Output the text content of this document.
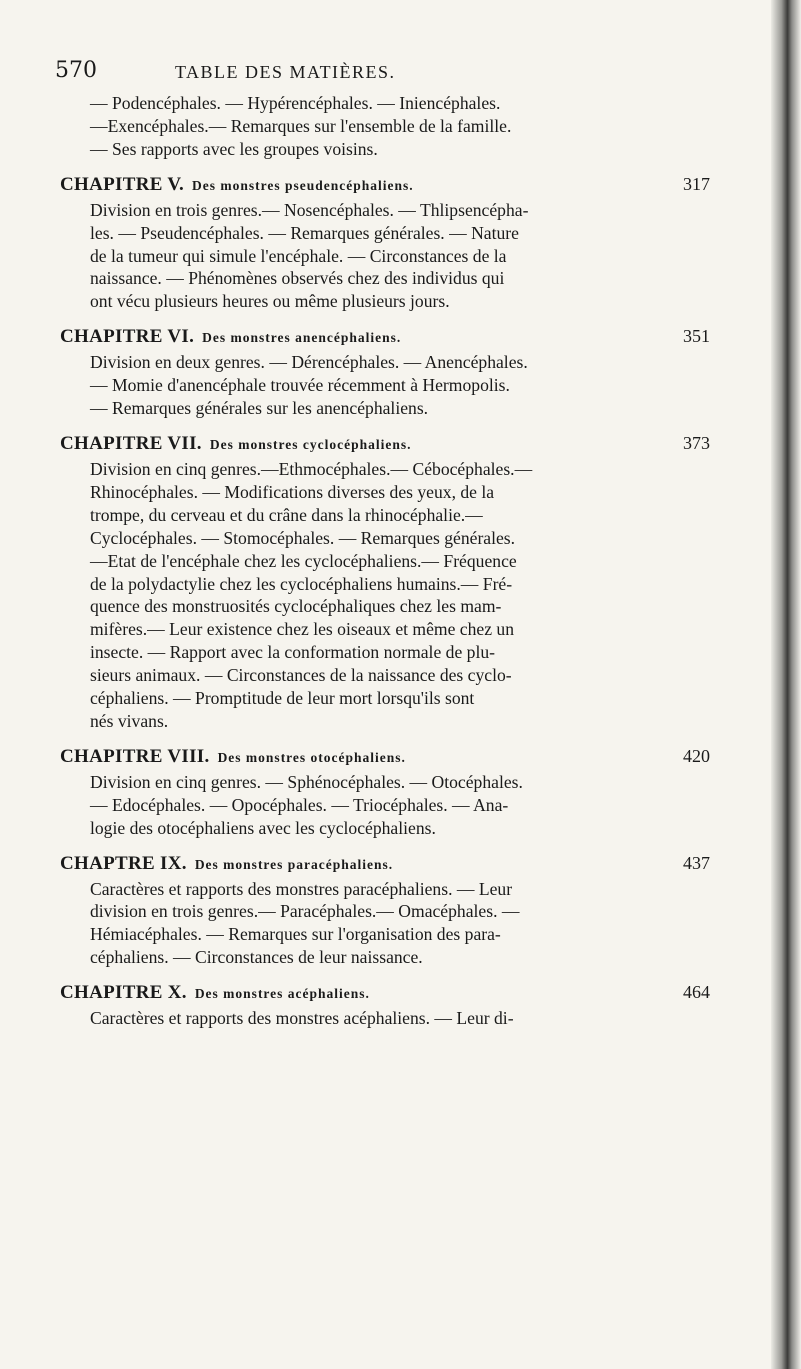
570	TABLE DES MATIÈRES.

— Podencéphales. — Hypérencéphales. — Iniencéphales.
—Exencéphales.— Remarques sur l'ensemble de la famille.
— Ses rapports avec les groupes voisins.

CHAPITRE V. Des monstres pseudencéphaliens.	317

Division en trois genres.— Nosencéphales. — Thlipsencépha-
les. — Pseudencéphales. — Remarques générales. — Nature
de la tumeur qui simule l'encéphale. — Circonstances de la
naissance. — Phénomènes observés chez des individus qui
ont vécu plusieurs heures ou même plusieurs jours.

CHAPITRE VI. Des monstres anencéphaliens.	351

Division en deux genres. — Dérencéphales. — Anencéphales.
— Momie d'anencéphale trouvée récemment à Hermopolis.
— Remarques générales sur les anencéphaliens.

CHAPITRE VII. Des monstres cyclocéphaliens.	373

Division en cinq genres.—Ethmocéphales.— Cébocéphales.—
Rhinocéphales. — Modifications diverses des yeux, de la
trompe, du cerveau et du crâne dans la rhinocéphalie.—
Cyclocéphales. — Stomocéphales. — Remarques générales.
—Etat de l'encéphale chez les cyclocéphaliens.— Fréquence
de la polydactylie chez les cyclocéphaliens humains.— Fré-
quence des monstruosités cyclocéphaliques chez les mam-
mifères.— Leur existence chez les oiseaux et même chez un
insecte. — Rapport avec la conformation normale de plu-
sieurs animaux. — Circonstances de la naissance des cyclo-
céphaliens. — Promptitude de leur mort lorsqu'ils sont
nés vivans.

CHAPITRE VIII. Des monstres otocéphaliens.	420

Division en cinq genres. — Sphénocéphales. — Otocéphales.
— Edocéphales. — Opocéphales. — Triocéphales. — Ana-
logie des otocéphaliens avec les cyclocéphaliens.

CHAPTRE IX. Des monstres paracéphaliens.	437

Caractères et rapports des monstres paracéphaliens. — Leur
division en trois genres.— Paracéphales.— Omacéphales. —
Hémiacéphales. — Remarques sur l'organisation des para-
céphaliens. — Circonstances de leur naissance.

CHAPITRE X. Des monstres acéphaliens.	464

Caractères et rapports des monstres acéphaliens. — Leur di-
